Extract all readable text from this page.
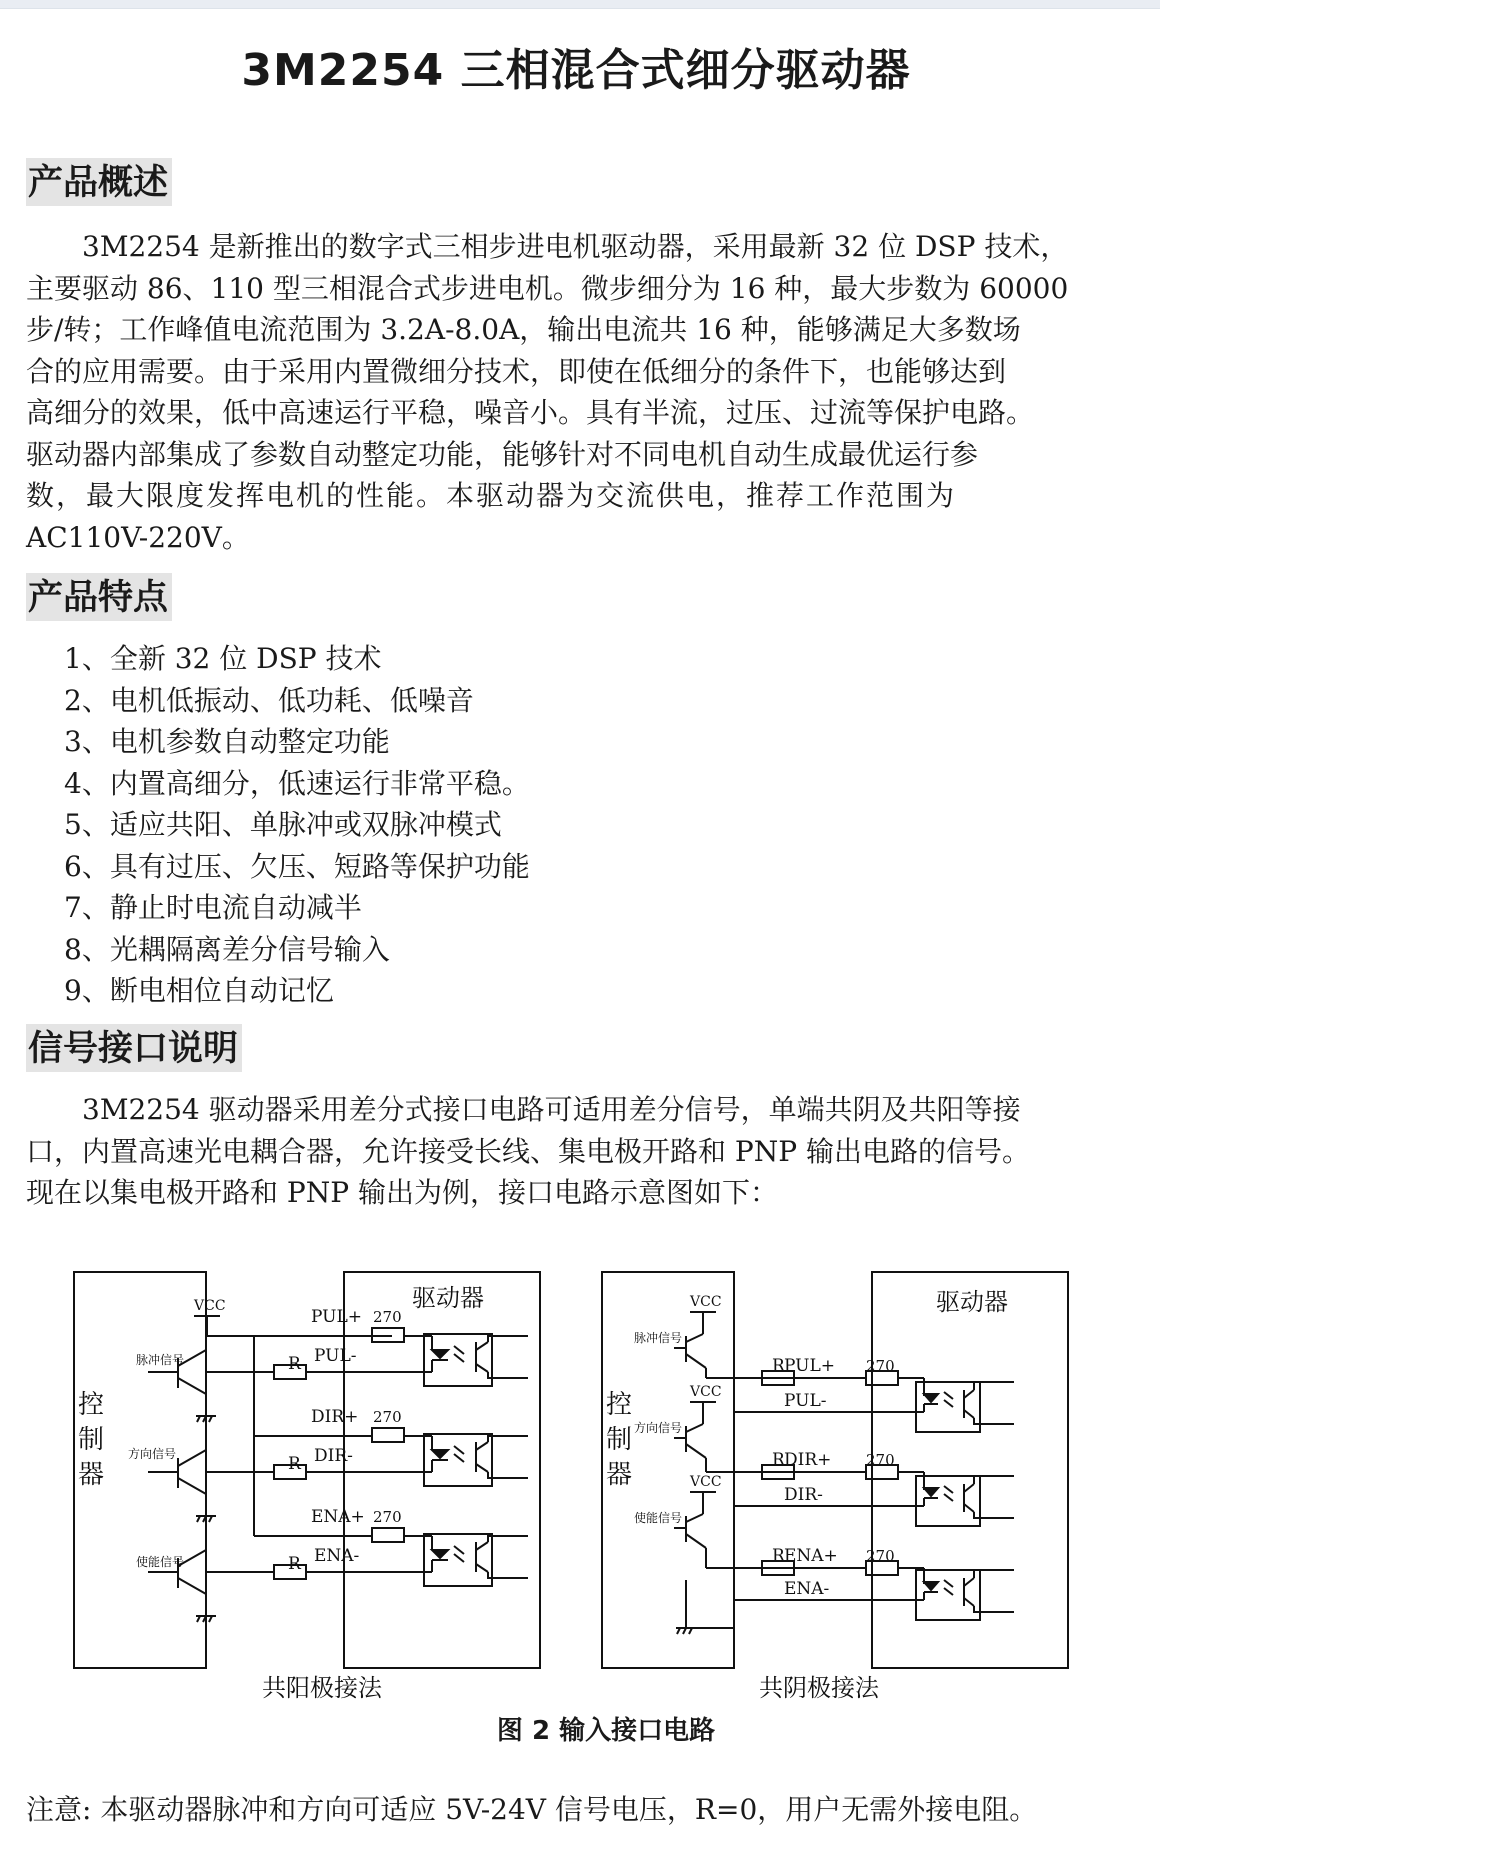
3M2254 三相混合式细分驱动器
产品概述

3M2254 是新推出的数字式三相步进电机驱动器，采用最新 32 位 DSP 技术，

主要驱动 86、110 型三相混合式步进电机。微步细分为 16 种，最大步数为 60000

步/转；工作峰值电流范围为 3.2A-8.0A，输出电流共 16 种，能够满足大多数场

合的应用需要。由于采用内置微细分技术，即使在低细分的条件下，也能够达到

高细分的效果，低中高速运行平稳，噪音小。具有半流，过压、过流等保护电路。

驱动器内部集成了参数自动整定功能，能够针对不同电机自动生成最优运行参

数，最大限度发挥电机的性能。本驱动器为交流供电，推荐工作范围为

AC110V-220V。

产品特点
1、全新 32 位 DSP 技术
2、电机低振动、低功耗、低噪音
3、电机参数自动整定功能
4、内置高细分，低速运行非常平稳。
5、适应共阳、单脉冲或双脉冲模式
6、具有过压、欠压、短路等保护功能
7、静止时电流自动减半
8、光耦隔离差分信号输入
9、断电相位自动记忆
信号接口说明

3M2254 驱动器采用差分式接口电路可适用差分信号，单端共阴及共阳等接

口，内置高速光电耦合器，允许接受长线、集电极开路和 PNP 输出电路的信号。

现在以集电极开路和 PNP 输出为例，接口电路示意图如下：

控
制
器
VCC	驱动器
PUL+
R PUL-
270
DIR+
R DIR-
270
ENA+
R ENA-
270
脉冲信号
方向信号
使能信号
共阳极接法
控
制
器
驱动器
VCC
脉冲信号
VCC
方向信号
VCC
使能信号
R PUL+
PUL-
270
R DIR+
DIR-
270
R ENA+
ENA-
270
共阴极接法
图 2 输入接口电路
注意: 本驱动器脉冲和方向可适应 5V-24V 信号电压，R=0，用户无需外接电阻。
